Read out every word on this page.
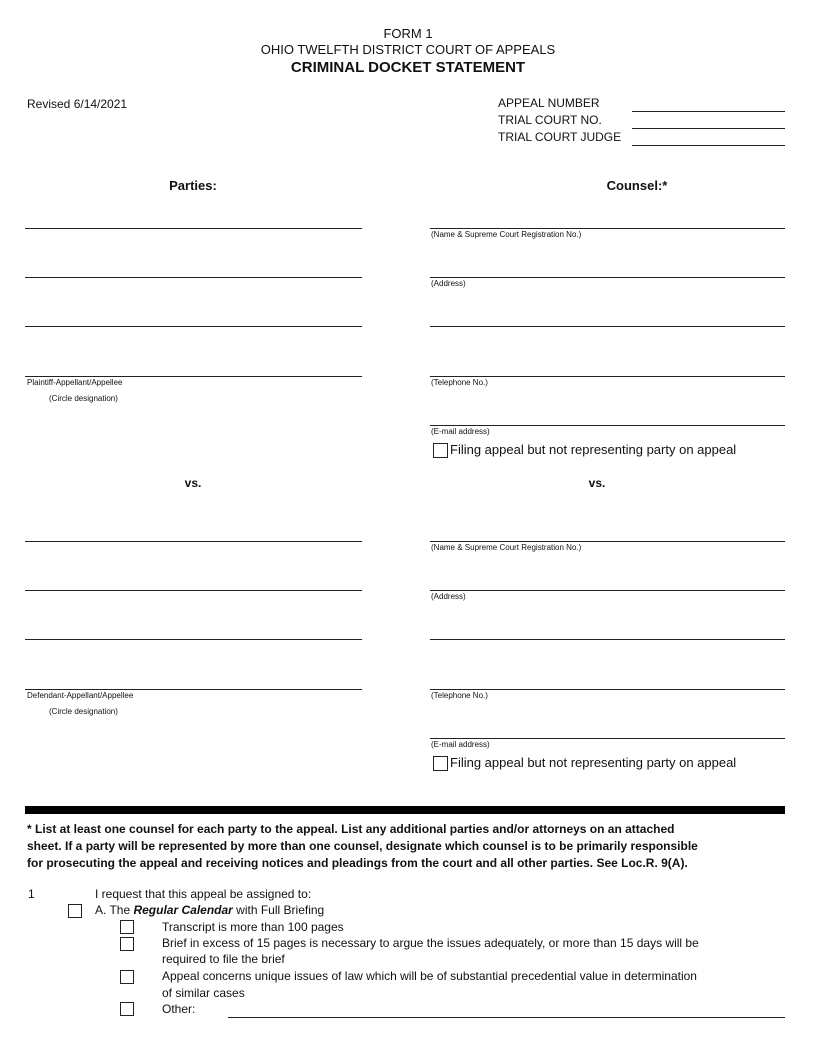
FORM 1
OHIO TWELFTH DISTRICT COURT OF APPEALS
CRIMINAL DOCKET STATEMENT
Revised 6/14/2021	APPEAL NUMBER
TRIAL COURT NO.
TRIAL COURT JUDGE
Parties:	Counsel:*
Plaintiff-Appellant/Appellee
(Circle designation)
(Name & Supreme Court Registration No.)
(Address)
(Telephone No.)
(E-mail address)
Filing appeal but not representing party on appeal
vs.	vs.
Defendant-Appellant/Appellee
(Circle designation)
(Name & Supreme Court Registration No.)
(Address)
(Telephone No.)
(E-mail address)
Filing appeal but not representing party on appeal
* List at least one counsel for each party to the appeal. List any additional parties and/or attorneys on an attached
sheet. If a party will be represented by more than one counsel, designate which counsel is to be primarily responsible
for prosecuting the appeal and receiving notices and pleadings from the court and all other parties. See Loc.R. 9(A).
1	I request that this appeal be assigned to:
A. The Regular Calendar with Full Briefing
Transcript is more than 100 pages
Brief in excess of 15 pages is necessary to argue the issues adequately, or more than 15 days will be
required to file the brief
Appeal concerns unique issues of law which will be of substantial precedential value in determination
of similar cases
Other:
